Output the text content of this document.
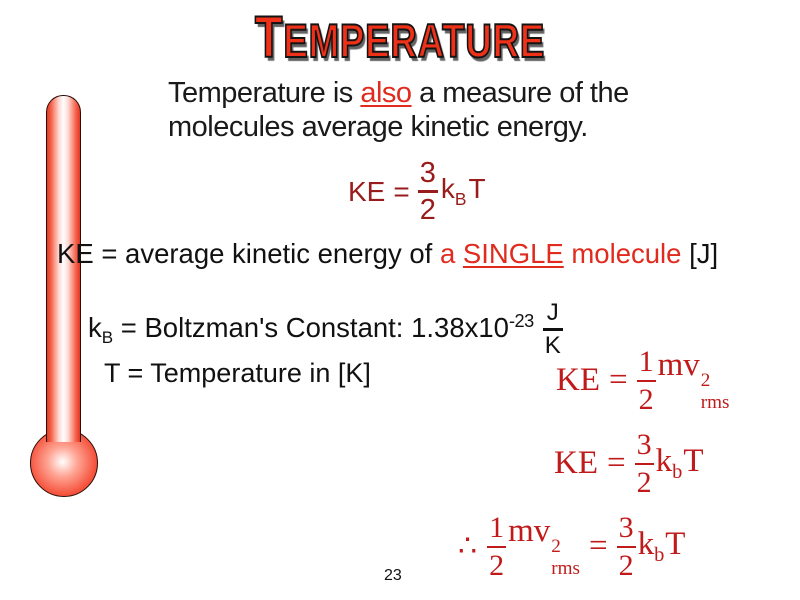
TEMPERATURE
Temperature is also a measure of the
molecules average kinetic energy.
KE = $\frac{3}{2} k_BT$
KE = average kinetic energy of a SINGLE molecule [J]
$k_B$ = Boltzman's Constant: $1.38x10^{-23} \frac{J}{K}$
T = Temperature in [K]	KE = $\frac{1}{2}$ mv 2
rms
KE = $\frac{3}{2} k_bT$
∴ $\frac{1}{2}$ mv 2
rms
= $\frac{3}{2} k_bT$
23
